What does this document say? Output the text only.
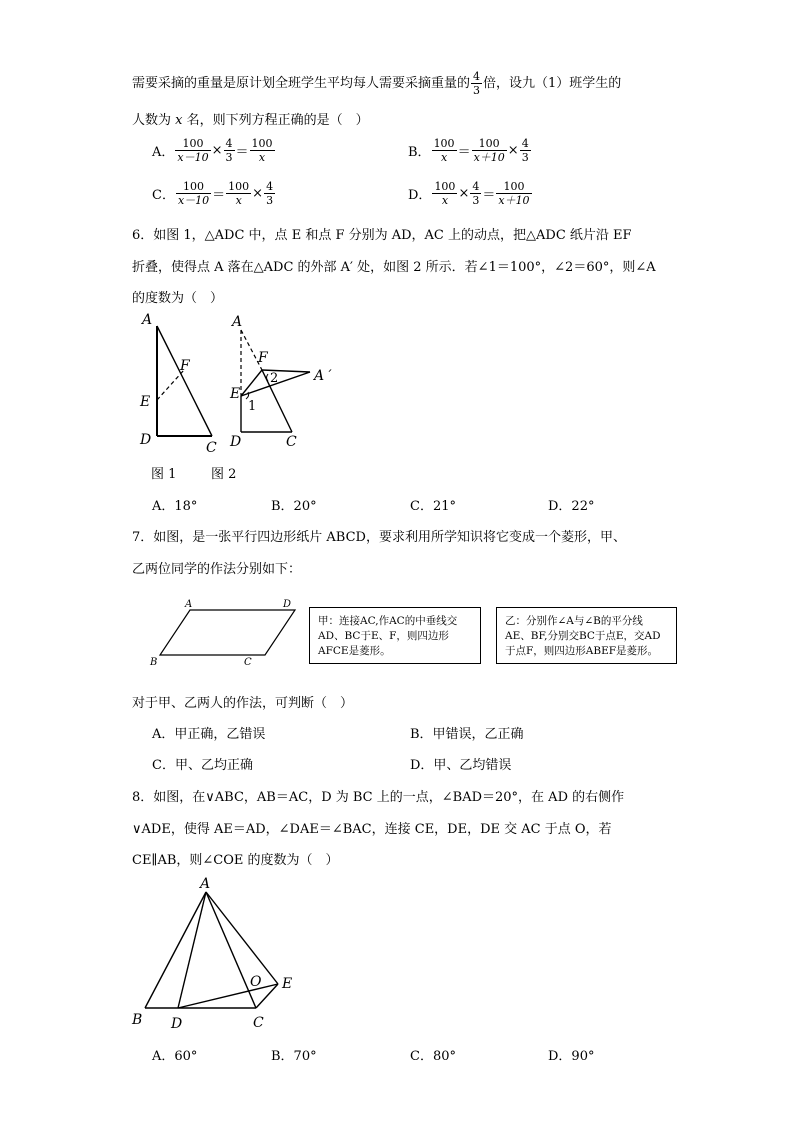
需要采摘的重量是原计划全班学生平均每人需要采摘重量的 $\frac{4}{3}$ 倍，设九（1）班学生的
人数为 x 名，则下列方程正确的是（　）
A． $\frac{100}{x-10} \times \frac{4}{3} = \frac{100}{x}$	B． $\frac{100}{x} = \frac{100}{x+10} \times \frac{4}{3}$
C． $\frac{100}{x-10} = \frac{100}{x} \times \frac{4}{3}$	D． $\frac{100}{x} \times \frac{4}{3} = \frac{100}{x+10}$
6．如图 1，△ADC 中，点 E 和点 F 分别为 AD，AC 上的动点，把△ADC 纸片沿 EF
折叠，使得点 A 落在△ADC 的外部 A′ 处，如图 2 所示．若∠1＝100°，∠2＝60°，则∠A
的度数为（　）
A
F
E
D	C
A
F
E
A ′
2
1
D	C
图 1	图 2
A．18°	B．20°	C．21°	D．22°
7．如图，是一张平行四边形纸片 ABCD，要求利用所学知识将它变成一个菱形，甲、
乙两位同学的作法分别如下：
A	D
B	C
甲：连接AC,作AC的中垂线交AD、BC于E、F，则四边形AFCE是菱形。
乙：分别作∠A与∠B的平分线AE、BF,分别交BC于点E，交AD于点F，则四边形ABEF是菱形。
对于甲、乙两人的作法，可判断（　）
A．甲正确，乙错误	B．甲错误，乙正确
C．甲、乙均正确	D．甲、乙均错误
8．如图，在∨ABC，AB＝AC，D 为 BC 上的一点，∠BAD＝20°，在 AD 的右侧作
∨ADE，使得 AE＝AD，∠DAE＝∠BAC，连接 CE，DE，DE 交 AC 于点 O，若
CE∥AB，则∠COE 的度数为（　）
A
B D	C
E
O
A．60°	B．70°	C．80°	D．90°
